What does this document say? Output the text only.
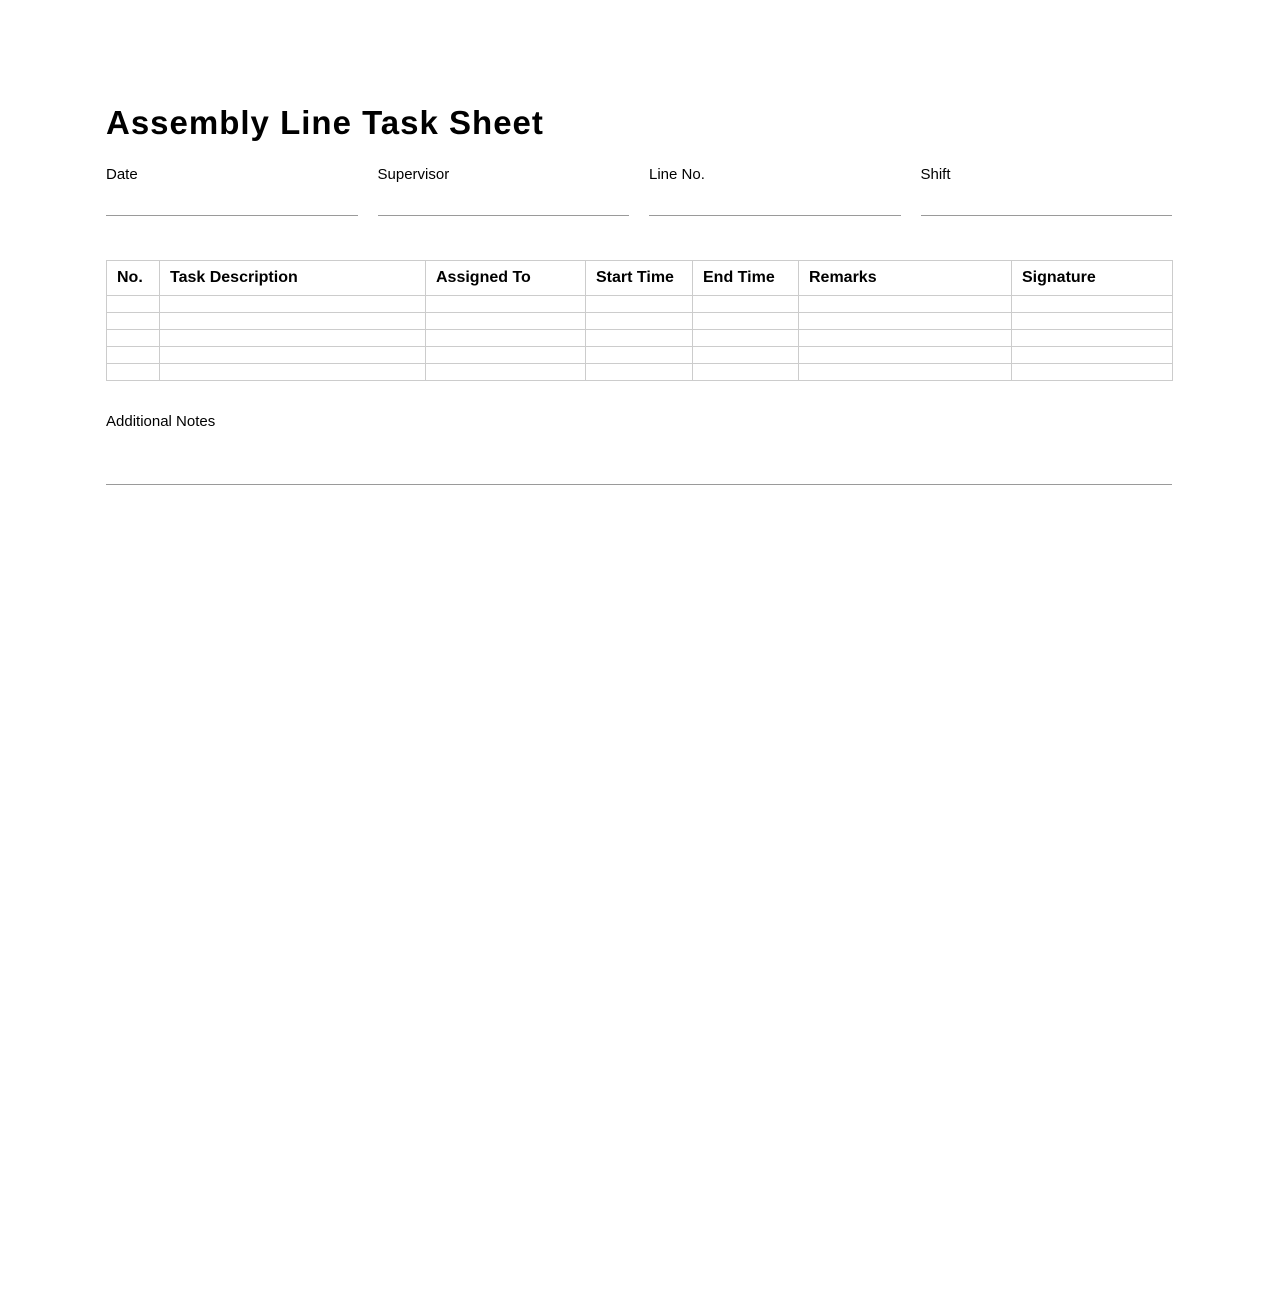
Assembly Line Task Sheet
Date	Supervisor	Line No.	Shift
No.	Task Description	Assigned To	Start Time	End Time	Remarks	Signature

Additional Notes
